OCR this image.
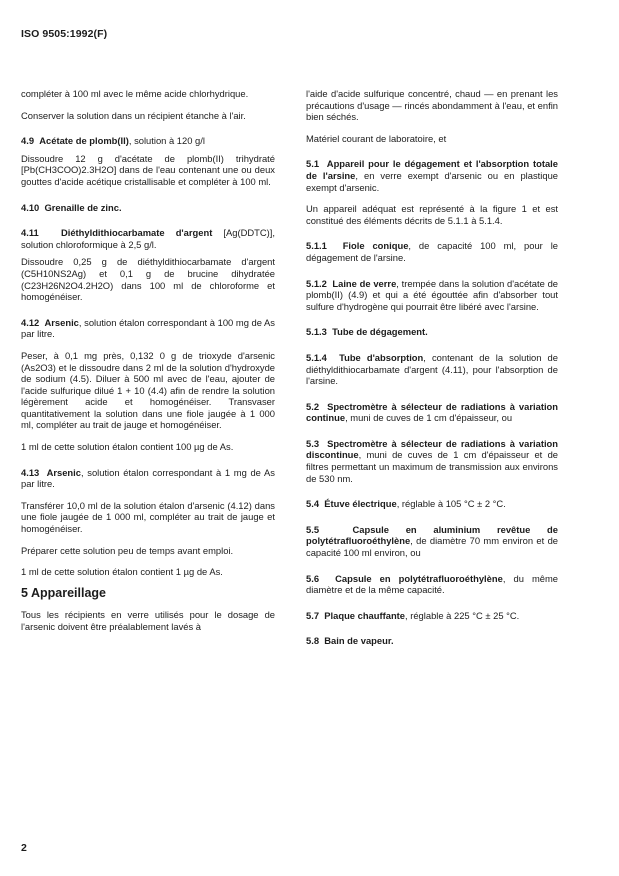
ISO 9505:1992(F)

compléter à 100 ml avec le même acide chlorhydrique.

Conserver la solution dans un récipient étanche à l'air.

4.9 Acétate de plomb(II), solution à 120 g/l

Dissoudre 12 g d'acétate de plomb(II) trihydraté [Pb(CH3COO)2.3H2O] dans de l'eau contenant une ou deux gouttes d'acide acétique cristallisable et compléter à 100 ml.

4.10 Grenaille de zinc.

4.11 Diéthyldithiocarbamate d'argent [Ag(DDTC)], solution chloroformique à 2,5 g/l.

Dissoudre 0,25 g de diéthyldithiocarbamate d'argent (C5H10NS2Ag) et 0,1 g de brucine dihydratée (C23H26N2O4.2H2O) dans 100 ml de chloroforme et homogénéiser.

4.12 Arsenic, solution étalon correspondant à 100 mg de As par litre.

Peser, à 0,1 mg près, 0,132 0 g de trioxyde d'arsenic (As2O3) et le dissoudre dans 2 ml de la solution d'hydroxyde de sodium (4.5). Diluer à 500 ml avec de l'eau, ajouter de l'acide sulfurique dilué 1 + 10 (4.4) afin de rendre la solution légèrement acide et homogénéiser. Transvaser quantitativement la solution dans une fiole jaugée à 1 000 ml, compléter au trait de jauge et homogénéiser.

1 ml de cette solution étalon contient 100 µg de As.

4.13 Arsenic, solution étalon correspondant à 1 mg de As par litre.

Transférer 10,0 ml de la solution étalon d'arsenic (4.12) dans une fiole jaugée de 1 000 ml, compléter au trait de jauge et homogénéiser.

Préparer cette solution peu de temps avant emploi.

1 ml de cette solution étalon contient 1 µg de As.

5 Appareillage

Tous les récipients en verre utilisés pour le dosage de l'arsenic doivent être préalablement lavés à

l'aide d'acide sulfurique concentré, chaud — en prenant les précautions d'usage — rincés abondamment à l'eau, et enfin bien séchés.

Matériel courant de laboratoire, et

5.1 Appareil pour le dégagement et l'absorption totale de l'arsine, en verre exempt d'arsenic ou en plastique exempt d'arsenic.

Un appareil adéquat est représenté à la figure 1 et est constitué des éléments décrits de 5.1.1 à 5.1.4.

5.1.1 Fiole conique, de capacité 100 ml, pour le dégagement de l'arsine.

5.1.2 Laine de verre, trempée dans la solution d'acétate de plomb(II) (4.9) et qui a été égouttée afin d'absorber tout sulfure d'hydrogène qui pourrait être libéré avec l'arsine.

5.1.3 Tube de dégagement.

5.1.4 Tube d'absorption, contenant de la solution de diéthyldithiocarbamate d'argent (4.11), pour l'absorption de l'arsine.

5.2 Spectromètre à sélecteur de radiations à variation continue, muni de cuves de 1 cm d'épaisseur, ou

5.3 Spectromètre à sélecteur de radiations à variation discontinue, muni de cuves de 1 cm d'épaisseur et de filtres permettant un maximum de transmission aux environs de 530 nm.

5.4 Étuve électrique, réglable à 105 °C ± 2 °C.

5.5	Capsule en aluminium revêtue de polytétrafluoroéthylène, de diamètre 70 mm environ et de capacité 100 ml environ, ou

5.6 Capsule en polytétrafluoroéthylène, du même diamètre et de la même capacité.

5.7 Plaque chauffante, réglable à 225 °C ± 25 °C.

5.8 Bain de vapeur.

2
